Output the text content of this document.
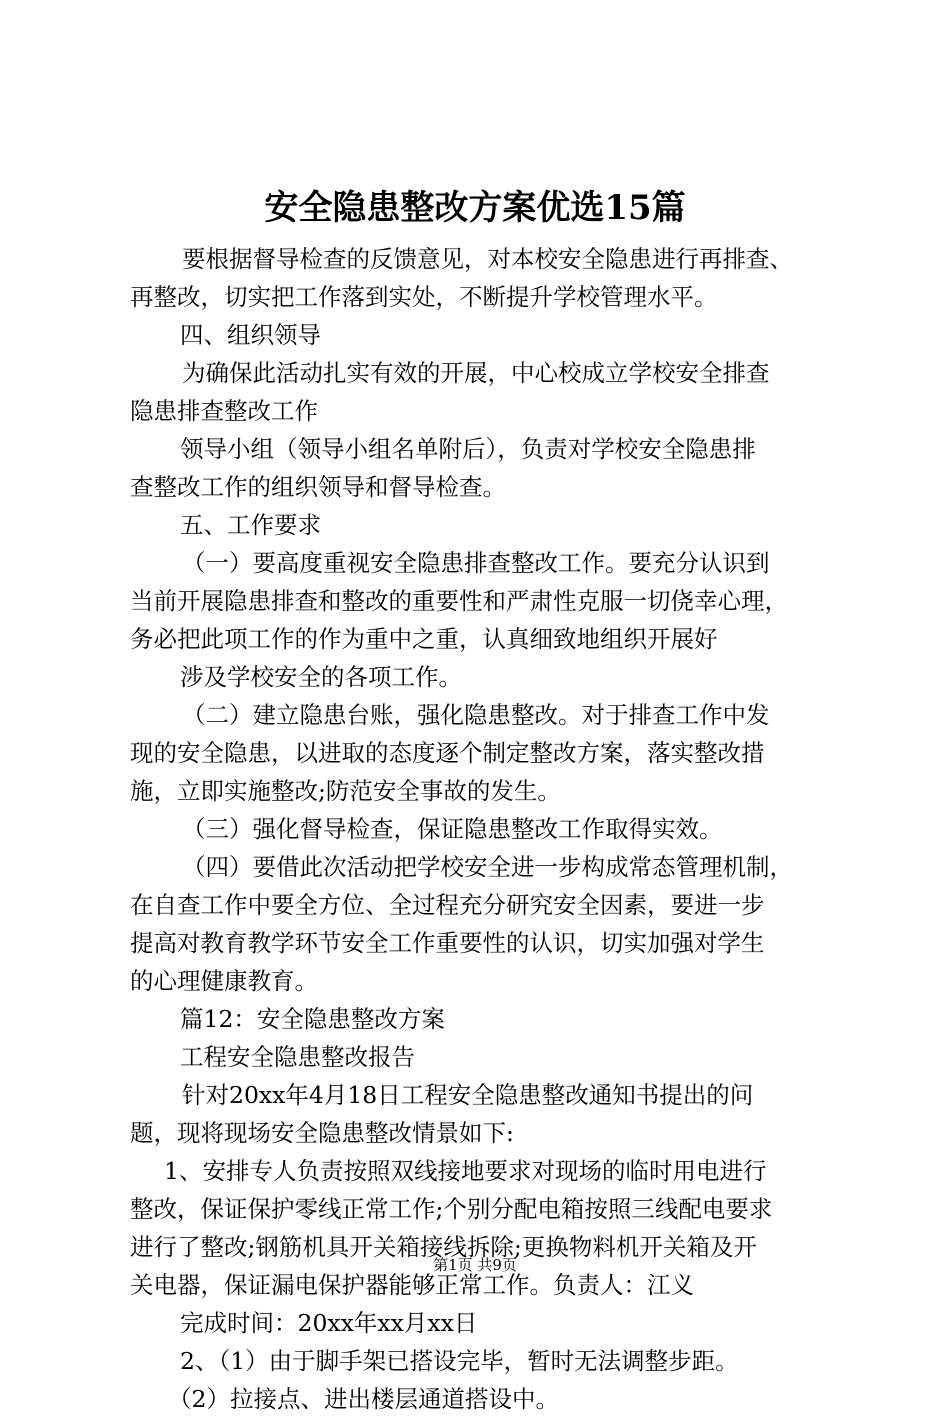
安全隐患整改方案优选15篇
要根据督导检查的反馈意见，对本校安全隐患进行再排查、
再整改，切实把工作落到实处，不断提升学校管理水平。
四、组织领导
为确保此活动扎实有效的开展，中心校成立学校安全排查
隐患排查整改工作
领导小组（领导小组名单附后），负责对学校安全隐患排
查整改工作的组织领导和督导检查。
五、工作要求
（一）要高度重视安全隐患排查整改工作。要充分认识到
当前开展隐患排查和整改的重要性和严肃性克服一切侥幸心理，
务必把此项工作的作为重中之重，认真细致地组织开展好
涉及学校安全的各项工作。
（二）建立隐患台账，强化隐患整改。对于排查工作中发
现的安全隐患，以进取的态度逐个制定整改方案，落实整改措
施，立即实施整改;防范安全事故的发生。
（三）强化督导检查，保证隐患整改工作取得实效。
（四）要借此次活动把学校安全进一步构成常态管理机制，
在自查工作中要全方位、全过程充分研究安全因素，要进一步
提高对教育教学环节安全工作重要性的认识，切实加强对学生
的心理健康教育。
篇12：安全隐患整改方案
工程安全隐患整改报告
针对20xx年4月18日工程安全隐患整改通知书提出的问
题，现将现场安全隐患整改情景如下:
1、安排专人负责按照双线接地要求对现场的临时用电进行
整改，保证保护零线正常工作;个别分配电箱按照三线配电要求
进行了整改;钢筋机具开关箱接线拆除;更换物料机开关箱及开
关电器，保证漏电保护器能够正常工作。负责人：江义
完成时间：20xx年xx月xx日
2、（1）由于脚手架已搭设完毕，暂时无法调整步距。
（2）拉接点、进出楼层通道搭设中。
第1页 共9页
